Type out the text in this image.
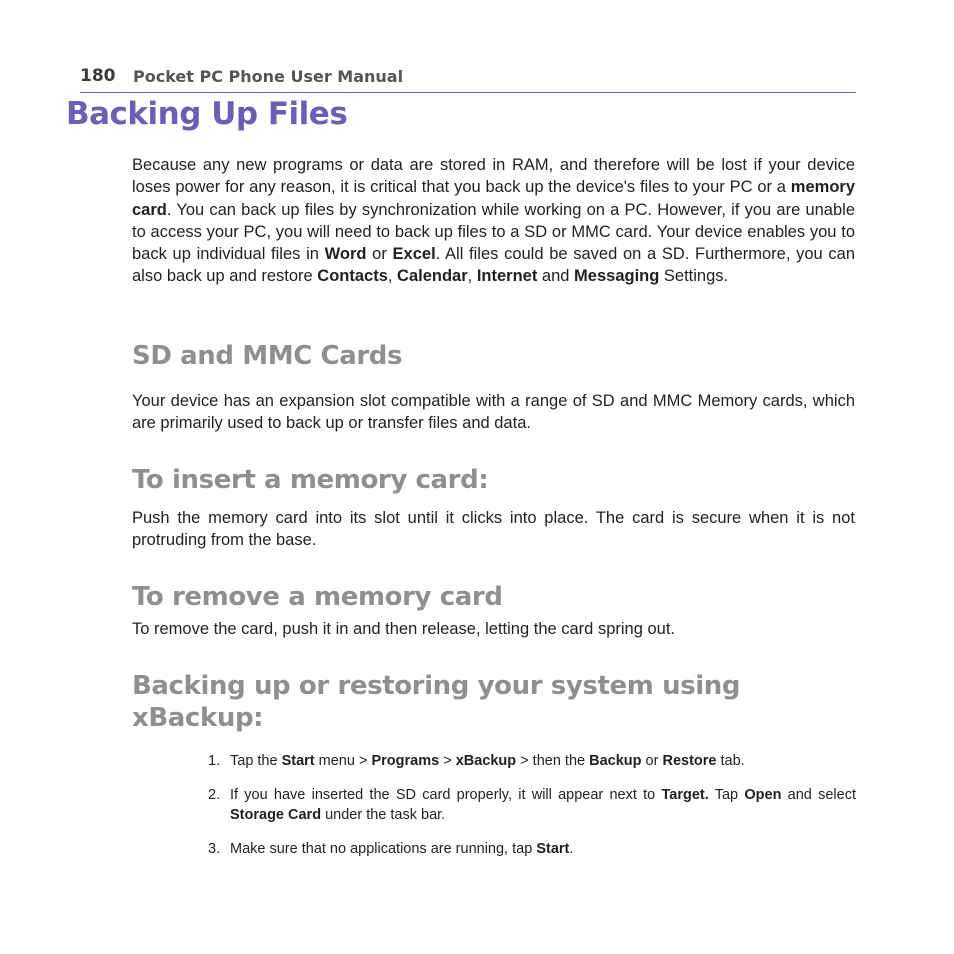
180 Pocket PC Phone User Manual
Backing Up Files

Because any new programs or data are stored in RAM, and therefore will be lost if your device loses power for any reason, it is critical that you back up the device's files to your PC or a memory card. You can back up files by synchronization while working on a PC. However, if you are unable to access your PC, you will need to back up files to a SD or MMC card. Your device enables you to back up individual files in Word or Excel. All files could be saved on a SD. Furthermore, you can also back up and restore Contacts, Calendar, Internet and Messaging Settings.

SD and MMC Cards

Your device has an expansion slot compatible with a range of SD and MMC Memory cards, which are primarily used to back up or transfer files and data.

To insert a memory card:

Push the memory card into its slot until it clicks into place. The card is secure when it is not protruding from the base.

To remove a memory card

To remove the card, push it in and then release, letting the card spring out.

Backing up or restoring your system using
xBackup:
1. Tap the Start menu > Programs > xBackup > then the Backup or Restore tab.
2. If you have inserted the SD card properly, it will appear next to Target. Tap Open and select Storage Card under the task bar.
3. Make sure that no applications are running, tap Start.
